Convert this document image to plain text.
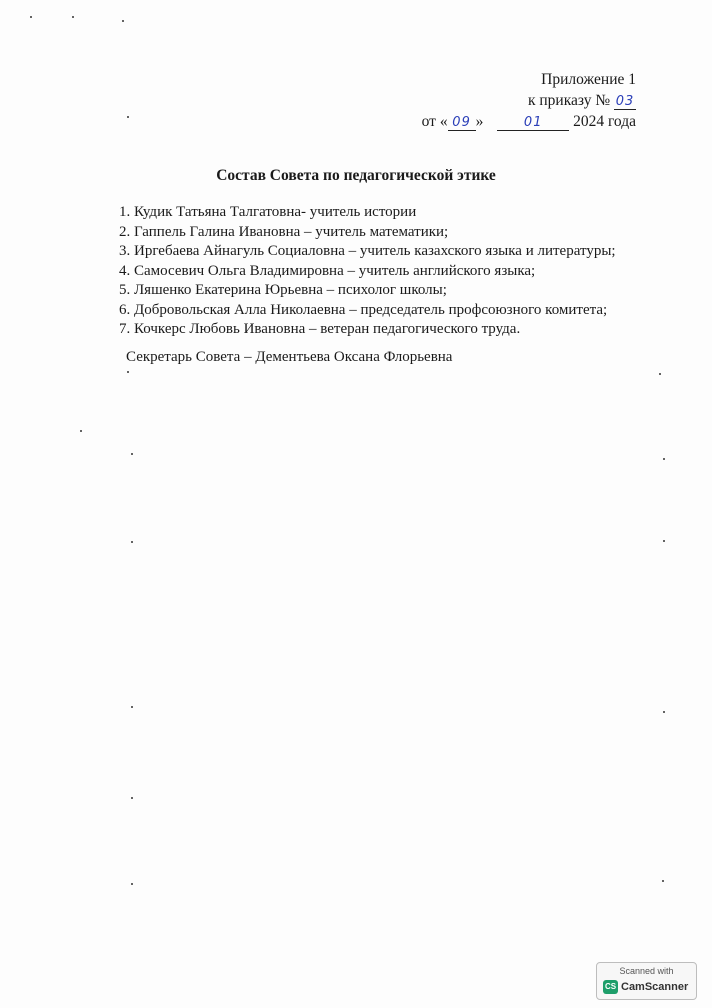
Приложение 1
к приказу № 03
от « 09 »	01 2024 года
Состав Совета по педагогической этике
1. Кудик Татьяна Талгатовна- учитель истории
2. Гаппель Галина Ивановна – учитель математики;
3. Иргебаева Айнагуль Социаловна – учитель казахского языка и литературы;
4. Самосевич Ольга Владимировна – учитель английского языка;
5. Ляшенко Екатерина Юрьевна – психолог школы;
6. Добровольская Алла Николаевна – председатель профсоюзного комитета;
7. Кочкерс Любовь Ивановна – ветеран педагогического труда.
Секретарь Совета – Дементьева Оксана Флорьевна
Scanned with
CS CamScanner
